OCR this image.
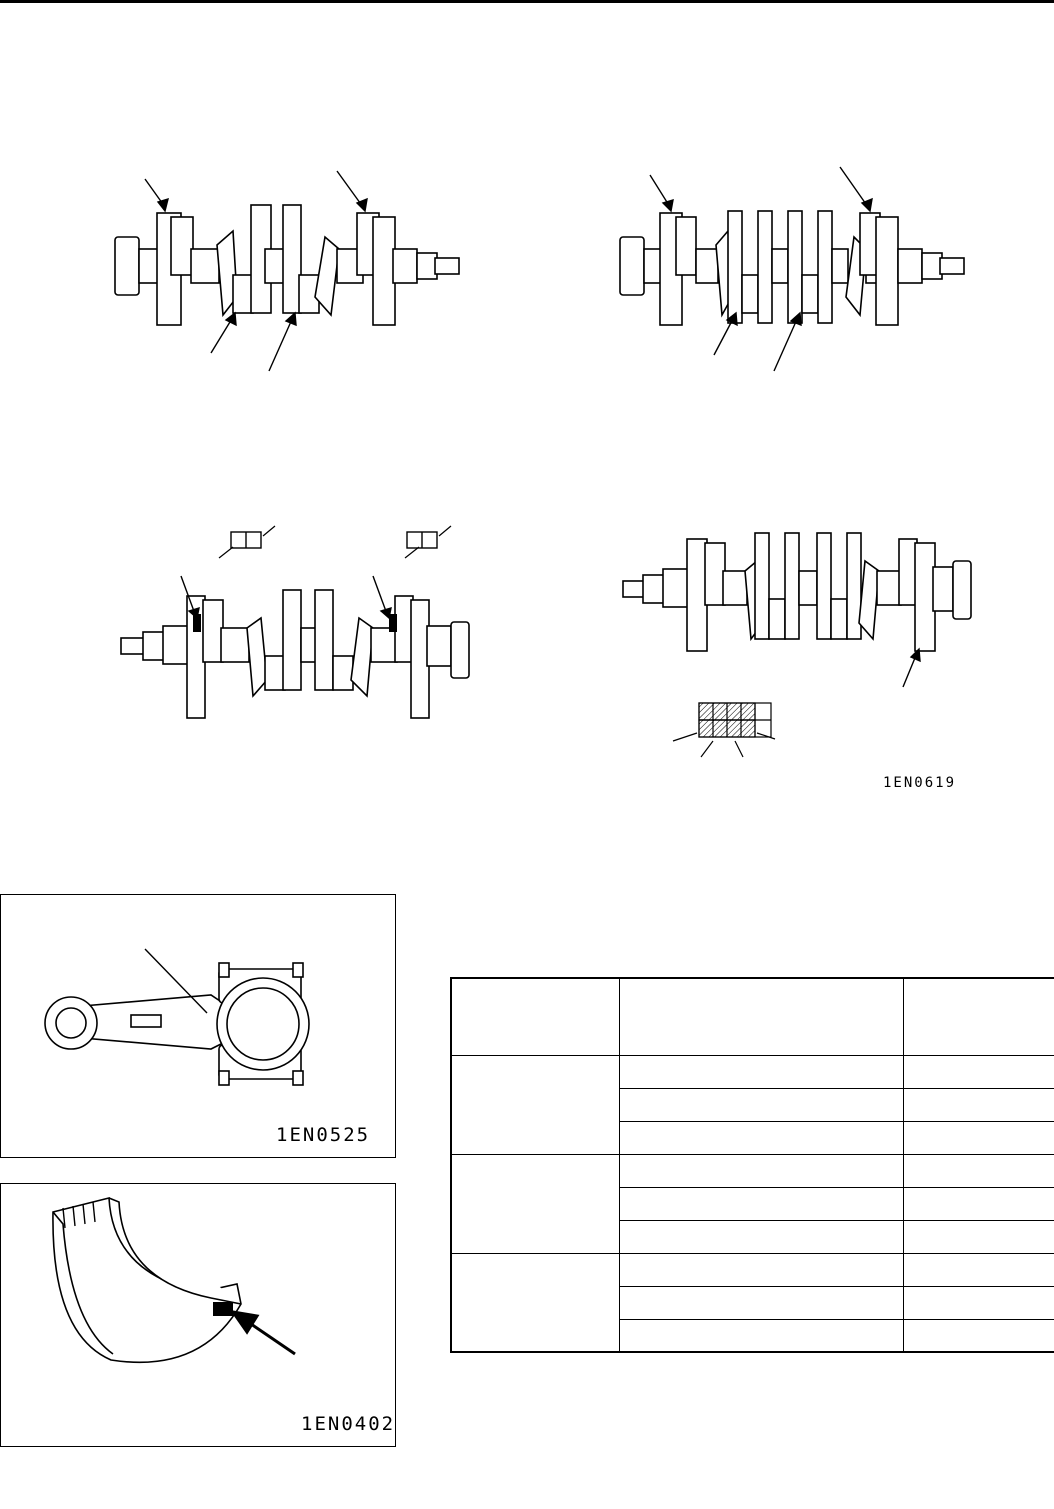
1EN0619
1EN0525
1EN0402
